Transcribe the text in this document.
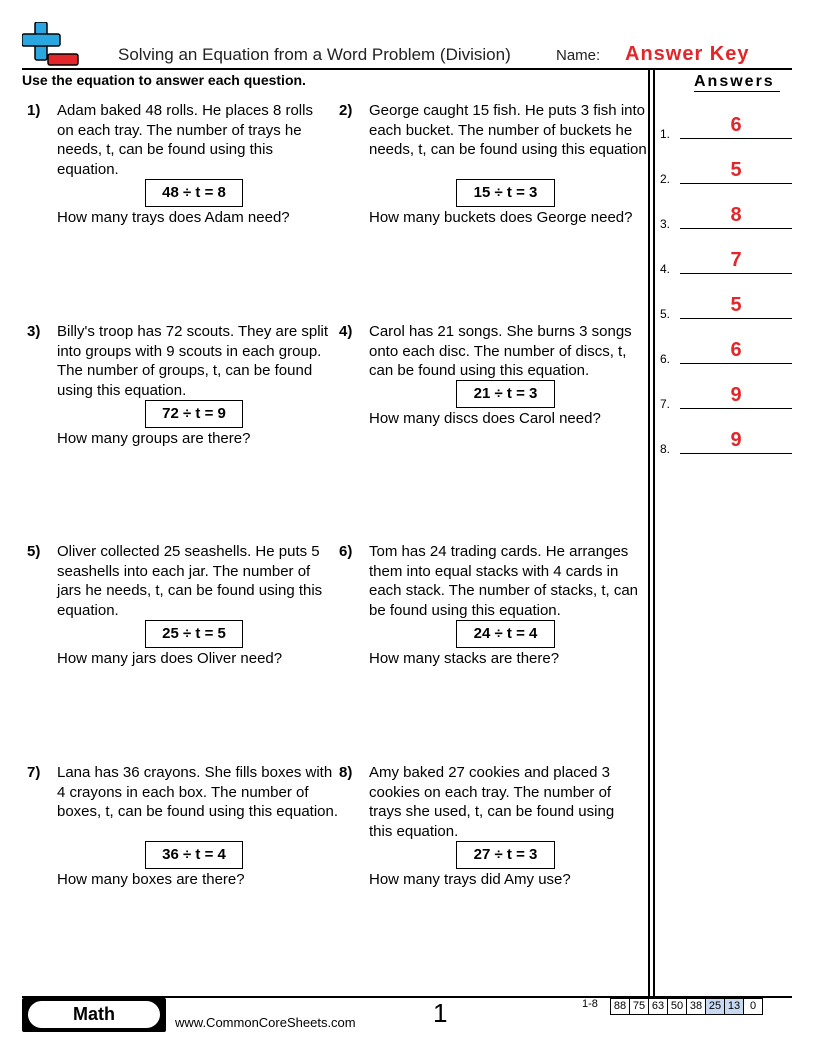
Solving an Equation from a Word Problem (Division)	Name: Answer Key
Use the equation to answer each question.	Answers
1) Adam baked 48 rolls. He places 8 rolls on each tray. The number of trays he needs, t, can be found using this equation.
48 ÷ t = 8
How many trays does Adam need?
2) George caught 15 fish. He puts 3 fish into each bucket. The number of buckets he needs, t, can be found using this equation.
15 ÷ t = 3
How many buckets does George need?
3) Billy's troop has 72 scouts. They are split into groups with 9 scouts in each group. The number of groups, t, can be found using this equation.
72 ÷ t = 9
How many groups are there?
4) Carol has 21 songs. She burns 3 songs onto each disc. The number of discs, t, can be found using this equation.
21 ÷ t = 3
How many discs does Carol need?
5) Oliver collected 25 seashells. He puts 5 seashells into each jar. The number of jars he needs, t, can be found using this equation.
25 ÷ t = 5
How many jars does Oliver need?
6) Tom has 24 trading cards. He arranges them into equal stacks with 4 cards in each stack. The number of stacks, t, can be found using this equation.
24 ÷ t = 4
How many stacks are there?
7) Lana has 36 crayons. She fills boxes with 4 crayons in each box. The number of boxes, t, can be found using this equation.
36 ÷ t = 4
How many boxes are there?
8) Amy baked 27 cookies and placed 3 cookies on each tray. The number of trays she used, t, can be found using this equation.
27 ÷ t = 3
How many trays did Amy use?
1.	6
2.	5
3.	8
4.	7
5.	5
6.	6
7.	9
8.	9
Math	www.CommonCoreSheets.com	1	1-8	88 75 63 50 38 25 13 0
